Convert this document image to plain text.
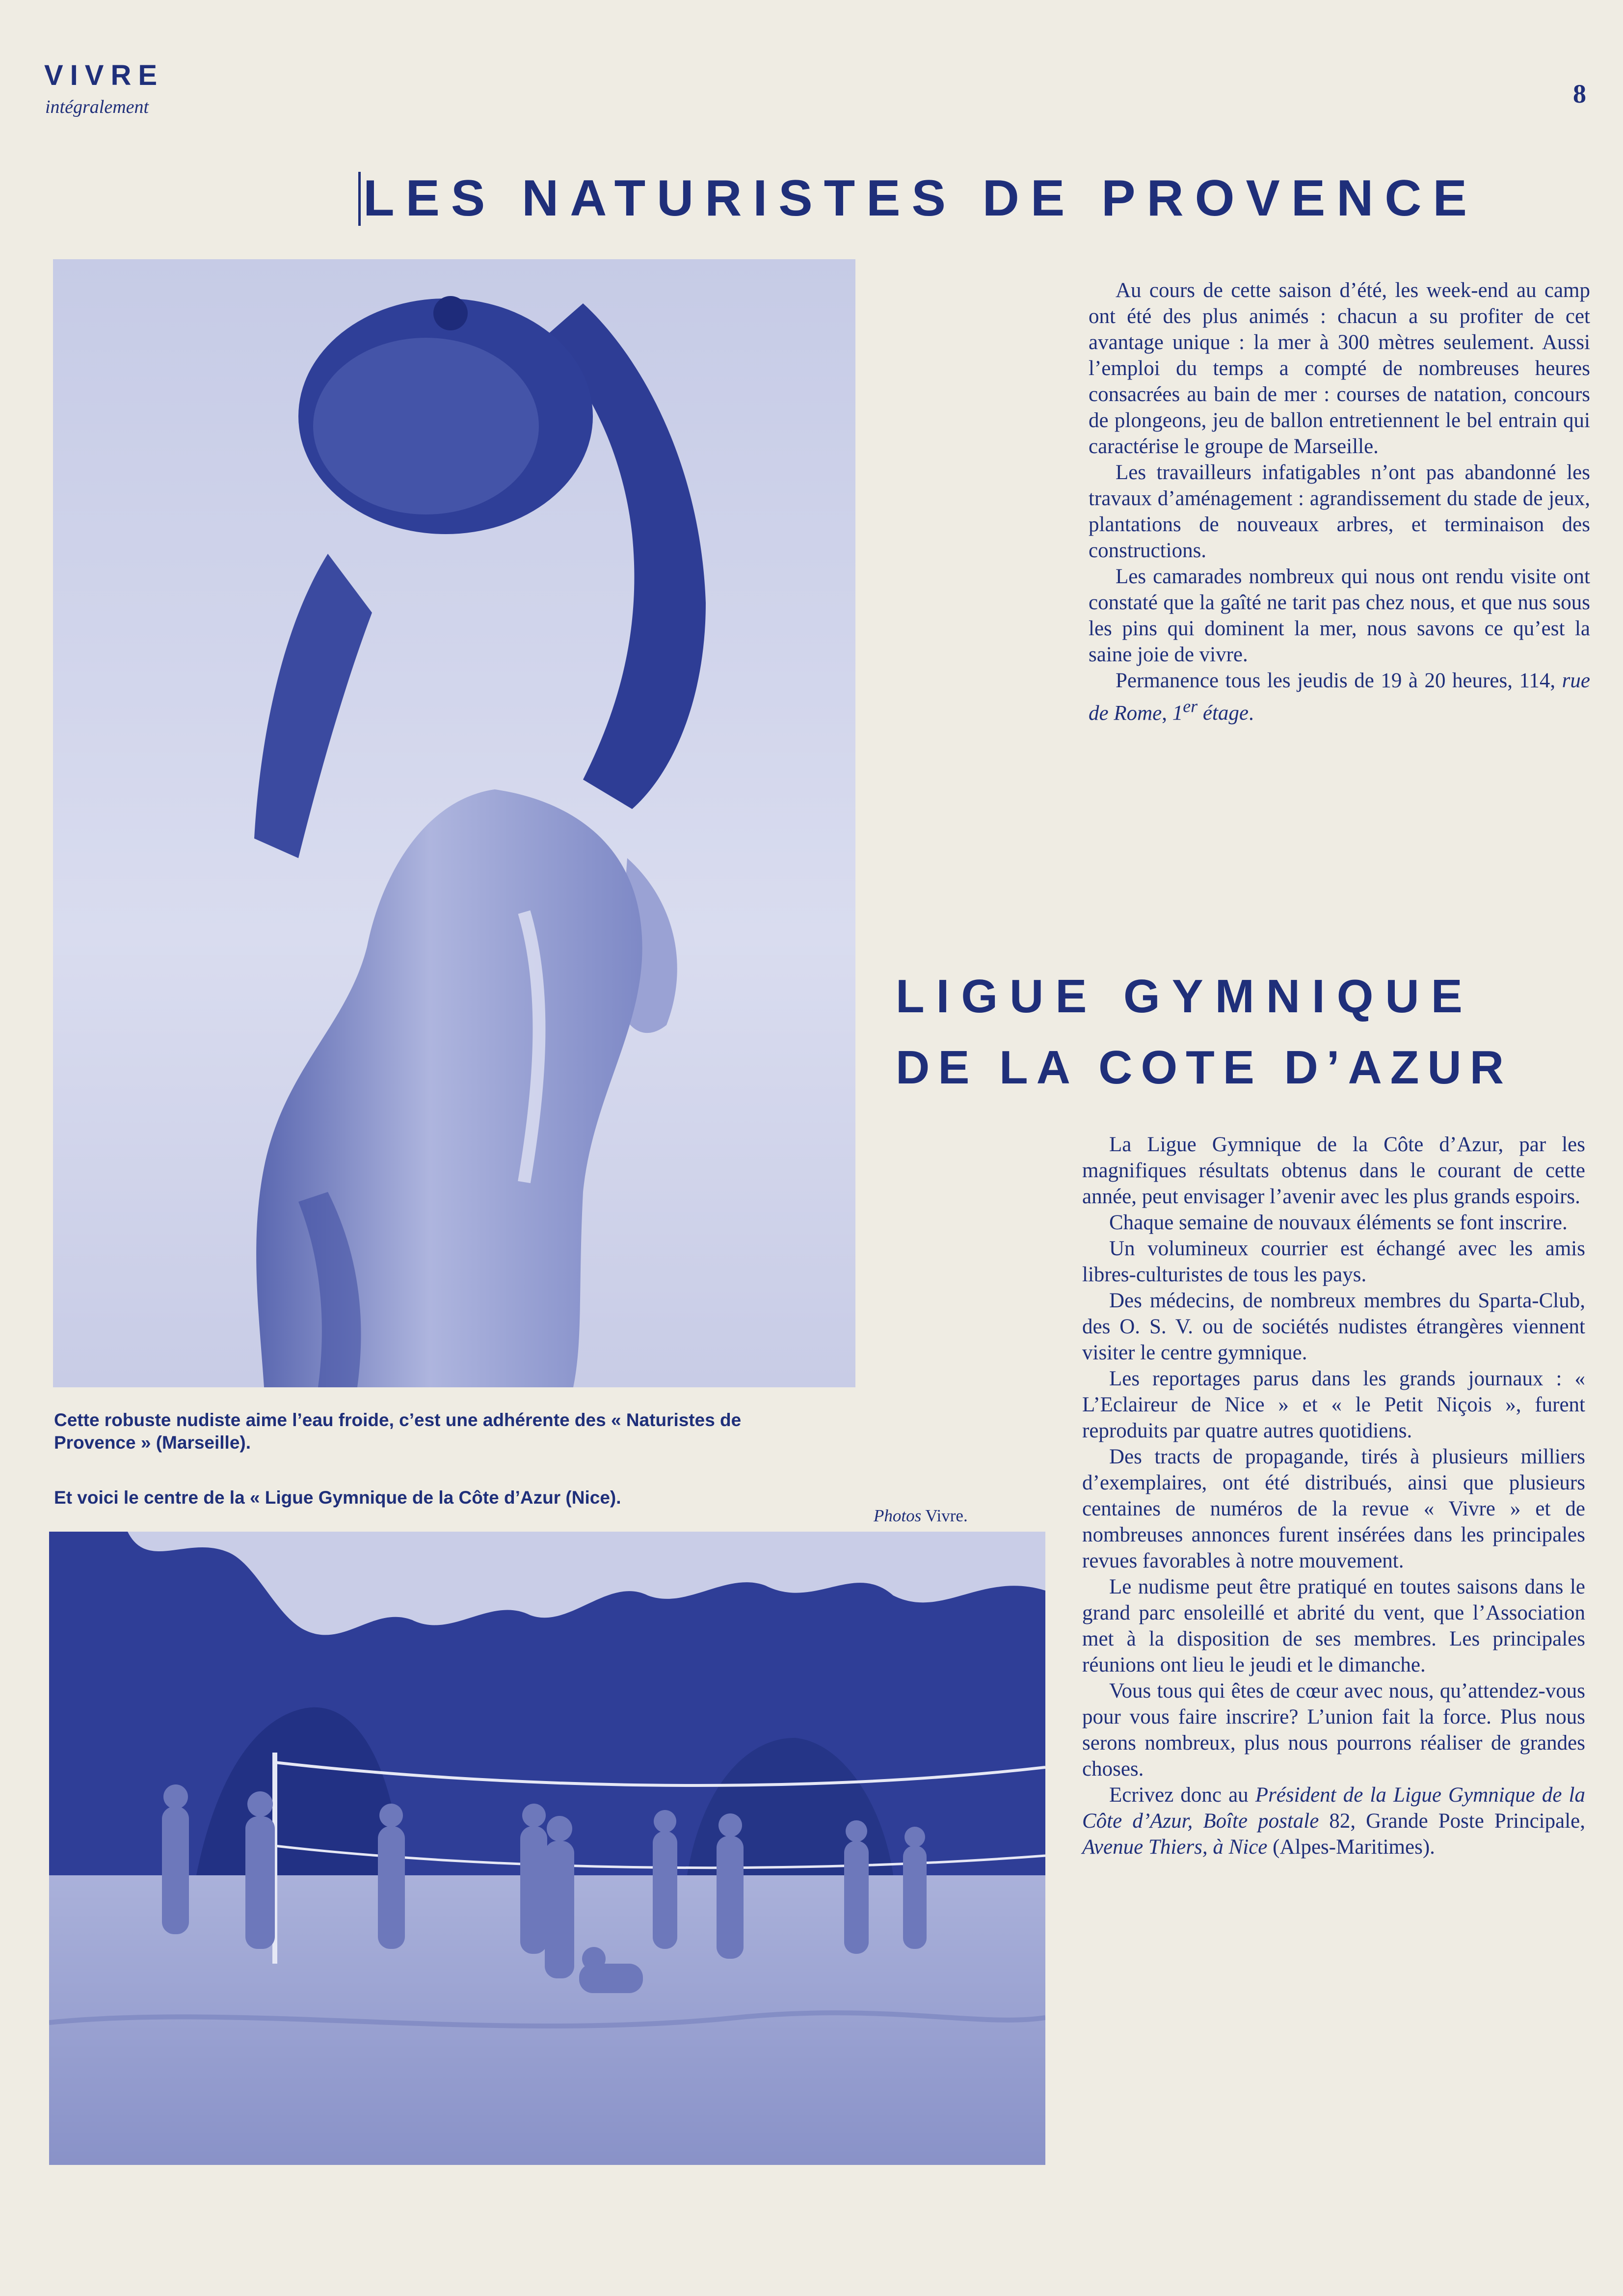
VIVRE
intégralement	8
LES NATURISTES DE PROVENCE

Au cours de cette saison d’été, les week-end au camp ont été des plus animés : chacun a su profiter de cet avantage unique : la mer à 300 mètres seulement. Aussi l’emploi du temps a compté de nombreuses heures consacrées au bain de mer : courses de natation, concours de plongeons, jeu de ballon entretiennent le bel entrain qui caractérise le groupe de Marseille.

Les travailleurs infatigables n’ont pas abandonné les travaux d’aménagement : agrandissement du stade de jeux, plantations de nouveaux arbres, et terminaison des constructions.

Les camarades nombreux qui nous ont rendu visite ont constaté que la gaîté ne tarit pas chez nous, et que nus sous les pins qui dominent la mer, nous savons ce qu’est la saine joie de vivre.

Permanence tous les jeudis de 19 à 20 heures, 114, rue de Rome, 1er étage.

LIGUE GYMNIQUE
DE LA COTE D’AZUR
Cette robuste nudiste aime l’eau froide, c’est une adhérente des « Naturistes de Provence » (Marseille).
Et voici le centre de la « Ligue Gymnique de la Côte d’Azur (Nice).
Photos Vivre.

La Ligue Gymnique de la Côte d’Azur, par les magnifiques résultats obtenus dans le courant de cette année, peut envisager l’avenir avec les plus grands espoirs.

Chaque semaine de nouvaux éléments se font inscrire.

Un volumineux courrier est échangé avec les amis libres-culturistes de tous les pays.

Des médecins, de nombreux membres du Sparta-Club, des O. S. V. ou de sociétés nudistes étrangères viennent visiter le centre gymnique.

Les reportages parus dans les grands journaux : « L’Eclaireur de Nice » et « le Petit Niçois », furent reproduits par quatre autres quotidiens.

Des tracts de propagande, tirés à plusieurs milliers d’exemplaires, ont été distribués, ainsi que plusieurs centaines de numéros de la revue « Vivre » et de nombreuses annonces furent insérées dans les principales revues favorables à notre mouvement.

Le nudisme peut être pratiqué en toutes saisons dans le grand parc ensoleillé et abrité du vent, que l’Association met à la disposition de ses membres. Les principales réunions ont lieu le jeudi et le dimanche.

Vous tous qui êtes de cœur avec nous, qu’attendez-vous pour vous faire inscrire? L’union fait la force. Plus nous serons nombreux, plus nous pourrons réaliser de grandes choses.

Ecrivez donc au Président de la Ligue Gymnique de la Côte d’Azur, Boîte postale 82, Grande Poste Principale, Avenue Thiers, à Nice (Alpes-Maritimes).
